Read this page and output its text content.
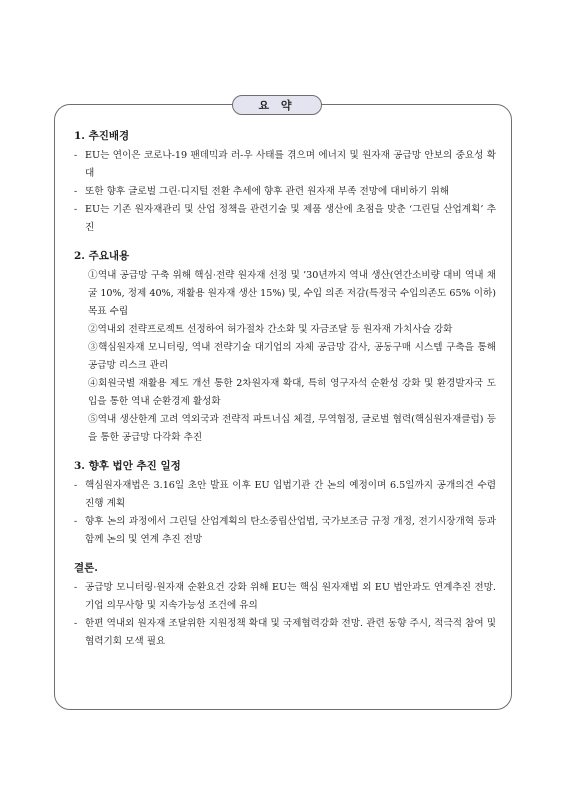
요 약
1. 추진배경
- EU는 연이은 코로나-19 팬데믹과 러-우 사태를 겪으며 에너지 및 원자재 공급망 안보의 중요성 확대
- 또한 향후 글로벌 그린·디지털 전환 추세에 향후 관련 원자재 부족 전망에 대비하기 위해
- EU는 기존 원자재관리 및 산업 정책을 관련기술 및 제품 생산에 초점을 맞춘 ‘그린딜 산업계획’ 추진
2. 주요내용
①역내 공급망 구축 위해 핵심·전략 원자재 선정 및 ’30년까지 역내 생산(연간소비량 대비 역내 채굴 10%, 정제 40%, 재활용 원자재 생산 15%) 및, 수입 의존 저감(특정국 수입의존도 65% 이하) 목표 수립
②역내외 전략프로젝트 선정하여 허가절차 간소화 및 자금조달 등 원자재 가치사슬 강화
③핵심원자재 모니터링, 역내 전략기술 대기업의 자체 공급망 감사, 공동구매 시스템 구축을 통해 공급망 리스크 관리
④회원국별 재활용 제도 개선 통한 2차원자재 확대, 특히 영구자석 순환성 강화 및 환경발자국 도입을 통한 역내 순환경제 활성화
⑤역내 생산한계 고려 역외국과 전략적 파트너십 체결, 무역협정, 글로벌 협력(핵심원자재클럽) 등을 통한 공급망 다각화 추진
3. 향후 법안 추진 일정
- 핵심원자재법은 3.16일 초안 발표 이후 EU 입법기관 간 논의 예정이며 6.5일까지 공개의견 수렴진행 계획
- 향후 논의 과정에서 그린딜 산업계획의 탄소중립산업법, 국가보조금 규정 개정, 전기시장개혁 등과 함께 논의 및 연계 추진 전망
결론.
- 공급망 모니터링·원자재 순환요건 강화 위해 EU는 핵심 원자재법 외 EU 법안과도 연계추진 전망. 기업 의무사항 및 지속가능성 조건에 유의
- 한편 역내외 원자재 조달위한 지원정책 확대 및 국제협력강화 전망. 관련 동향 주시, 적극적 참여 및 협력기회 모색 필요
